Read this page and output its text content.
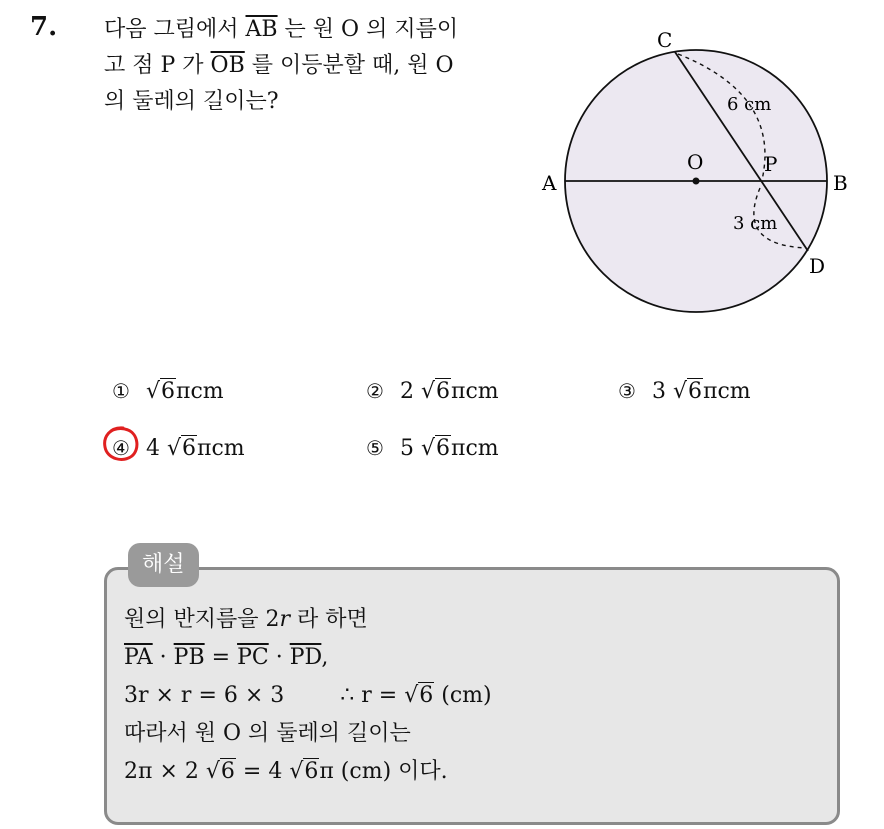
7. 다음 그림에서 $\overline{AB}$ 는 원 O 의 지름이
고 점 P 가 $\overline{OB}$ 를 이등분할 때, 원 O
의 둘레의 길이는?
A	B
C
D
O	P
6 cm
3 cm
① √6πcm	② 2 √6πcm	③ 3 √6πcm
④ 4 √6πcm	⑤ 5 √6πcm
해설
원의 반지름을 2r 라 하면
$\overline{PA} \cdot \overline{PB} = \overline{PC} \cdot \overline{PD}$,
3r × r = 6 × 3	∴ r = √6 (cm)
따라서 원 O 의 둘레의 길이는
2π × 2 √6 = 4 √6π (cm) 이다.
